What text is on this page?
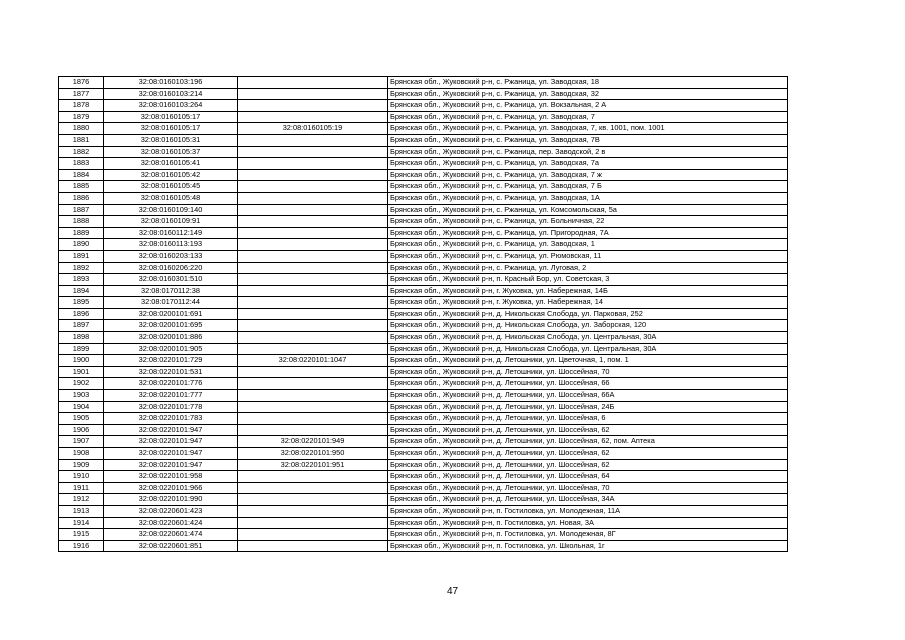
1876	32:08:0160103:196		Брянская обл., Жуковский р-н, с. Ржаница, ул. Заводская, 18
1877	32:08:0160103:214		Брянская обл., Жуковский р-н, с. Ржаница, ул. Заводская, 32
1878	32:08:0160103:264		Брянская обл., Жуковский р-н, с. Ржаница, ул. Вокзальная, 2 А
1879	32:08:0160105:17		Брянская обл., Жуковский р-н, с. Ржаница, ул. Заводская, 7
1880	32:08:0160105:17	32:08:0160105:19	Брянская обл., Жуковский р-н, с. Ржаница, ул. Заводская, 7, кв. 1001, пом. 1001
1881	32:08:0160105:31		Брянская обл., Жуковский р-н, с. Ржаница, ул. Заводская, 7В
1882	32:08:0160105:37		Брянская обл., Жуковский р-н, с. Ржаница, пер. Заводской, 2 в
1883	32:08:0160105:41		Брянская обл., Жуковский р-н, с. Ржаница, ул. Заводская, 7а
1884	32:08:0160105:42		Брянская обл., Жуковский р-н, с. Ржаница, ул. Заводская, 7 ж
1885	32:08:0160105:45		Брянская обл., Жуковский р-н, с. Ржаница, ул. Заводская, 7 Б
1886	32:08:0160105:48		Брянская обл., Жуковский р-н, с. Ржаница, ул. Заводская, 1А
1887	32:08:0160109:140		Брянская обл., Жуковский р-н, с. Ржаница, ул. Комсомольская, 5а
1888	32:08:0160109:91		Брянская обл., Жуковский р-н, с. Ржаница, ул. Больничная, 22
1889	32:08:0160112:149		Брянская обл., Жуковский р-н, с. Ржаница, ул. Пригородная, 7А
1890	32:08:0160113:193		Брянская обл., Жуковский р-н, с. Ржаница, ул. Заводская, 1
1891	32:08:0160203:133		Брянская обл., Жуковский р-н, с. Ржаница, ул. Рюмовская, 11
1892	32:08:0160206:220		Брянская обл., Жуковский р-н, с. Ржаница, ул. Луговая, 2
1893	32:08:0160301:510		Брянская обл., Жуковский р-н, п. Красный Бор, ул. Советская, 3
1894	32:08:0170112:38		Брянская обл., Жуковский р-н, г. Жуковка, ул. Набережная, 14Б
1895	32:08:0170112:44		Брянская обл., Жуковский р-н, г. Жуковка, ул. Набережная, 14
1896	32:08:0200101:691		Брянская обл., Жуковский р-н, д. Никольская Слобода, ул. Парковая, 252
1897	32:08:0200101:695		Брянская обл., Жуковский р-н, д. Никольская Слобода, ул. Заборская, 120
1898	32:08:0200101:886		Брянская обл., Жуковский р-н, д. Никольская Слобода, ул. Центральная, 30А
1899	32:08:0200101:905		Брянская обл., Жуковский р-н, д. Никольская Слобода, ул. Центральная, 30А
1900	32:08:0220101:729	32:08:0220101:1047	Брянская обл., Жуковский р-н, д. Летошники, ул. Цветочная, 1, пом. 1
1901	32:08:0220101:531		Брянская обл., Жуковский р-н, д. Летошники, ул. Шоссейная, 70
1902	32:08:0220101:776		Брянская обл., Жуковский р-н, д. Летошники, ул. Шоссейная, 66
1903	32:08:0220101:777		Брянская обл., Жуковский р-н, д. Летошники, ул. Шоссейная, 66А
1904	32:08:0220101:778		Брянская обл., Жуковский р-н, д. Летошники, ул. Шоссейная, 24Б
1905	32:08:0220101:783		Брянская обл., Жуковский р-н, д. Летошники, ул. Шоссейная, 6
1906	32:08:0220101:947		Брянская обл., Жуковский р-н, д. Летошники, ул. Шоссейная, 62
1907	32:08:0220101:947	32:08:0220101:949	Брянская обл., Жуковский р-н, д. Летошники, ул. Шоссейная, 62, пом. Аптека
1908	32:08:0220101:947	32:08:0220101:950	Брянская обл., Жуковский р-н, д. Летошники, ул. Шоссейная, 62
1909	32:08:0220101:947	32:08:0220101:951	Брянская обл., Жуковский р-н, д. Летошники, ул. Шоссейная, 62
1910	32:08:0220101:958		Брянская обл., Жуковский р-н, д. Летошники, ул. Шоссейная, 64
1911	32:08:0220101:966		Брянская обл., Жуковский р-н, д. Летошники, ул. Шоссейная, 70
1912	32:08:0220101:990		Брянская обл., Жуковский р-н, д. Летошники, ул. Шоссейная, 34А
1913	32:08:0220601:423		Брянская обл., Жуковский р-н, п. Гостиловка, ул. Молодежная, 11А
1914	32:08:0220601:424		Брянская обл., Жуковский р-н, п. Гостиловка, ул. Новая, 3А
1915	32:08:0220601:474		Брянская обл., Жуковский р-н, п. Гостиловка, ул. Молодежная, 8Г
1916	32:08:0220601:851		Брянская обл., Жуковский р-н, п. Гостиловка, ул. Школьная, 1г
47
